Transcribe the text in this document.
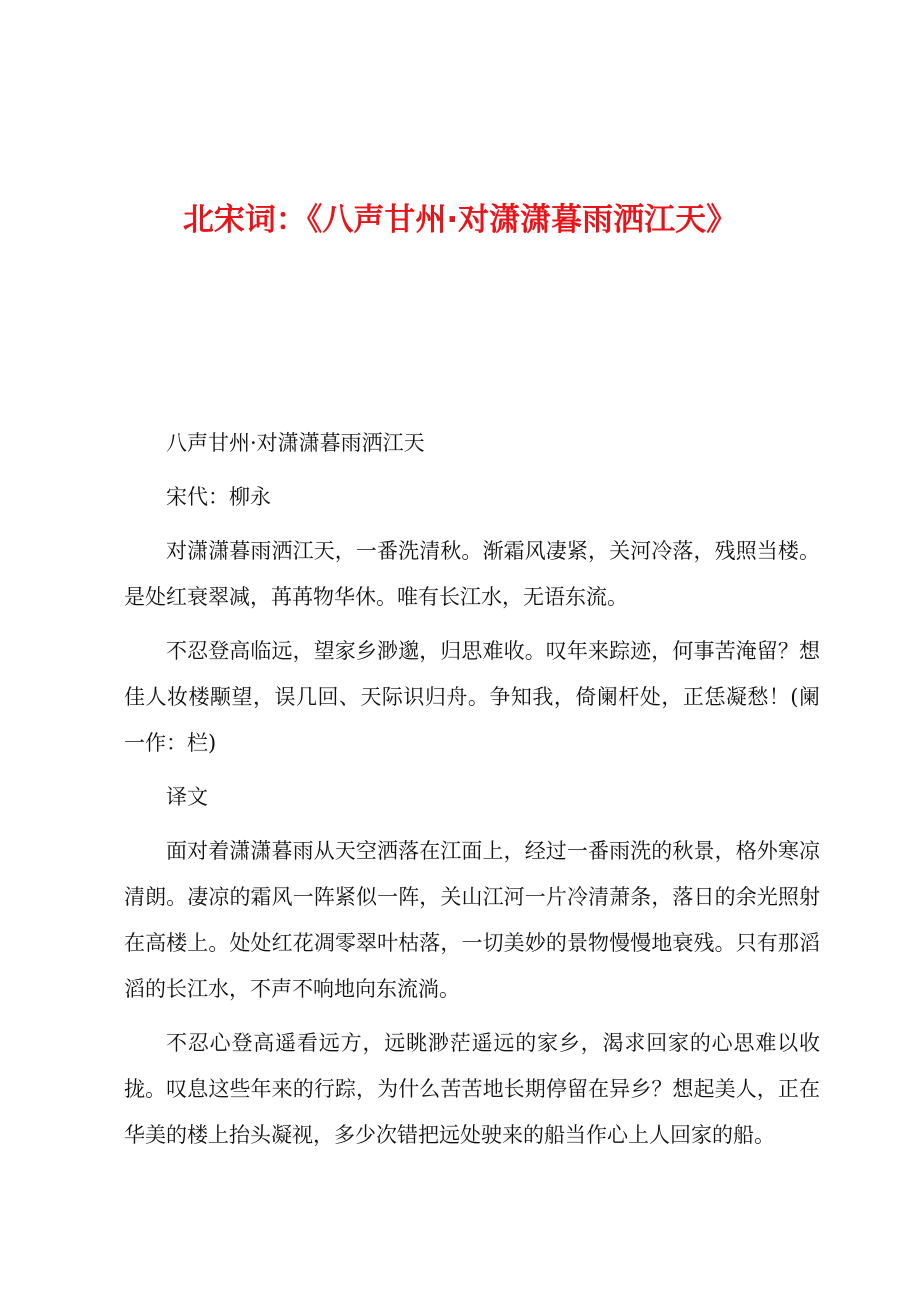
北宋词：《八声甘州·对潇潇暮雨洒江天》

八声甘州·对潇潇暮雨洒江天

宋代：柳永

对潇潇暮雨洒江天，一番洗清秋。渐霜风凄紧，关河冷落，残照当楼。是处红衰翠减，苒苒物华休。唯有长江水，无语东流。

不忍登高临远，望家乡渺邈，归思难收。叹年来踪迹，何事苦淹留？想佳人妆楼颙望，误几回、天际识归舟。争知我，倚阑杆处，正恁凝愁！(阑一作：栏)

译文

面对着潇潇暮雨从天空洒落在江面上，经过一番雨洗的秋景，格外寒凉清朗。凄凉的霜风一阵紧似一阵，关山江河一片冷清萧条，落日的余光照射在高楼上。处处红花凋零翠叶枯落，一切美妙的景物慢慢地衰残。只有那滔滔的长江水，不声不响地向东流淌。

不忍心登高遥看远方，远眺渺茫遥远的家乡，渴求回家的心思难以收拢。叹息这些年来的行踪，为什么苦苦地长期停留在异乡？想起美人，正在华美的楼上抬头凝视，多少次错把远处驶来的船当作心上人回家的船。
